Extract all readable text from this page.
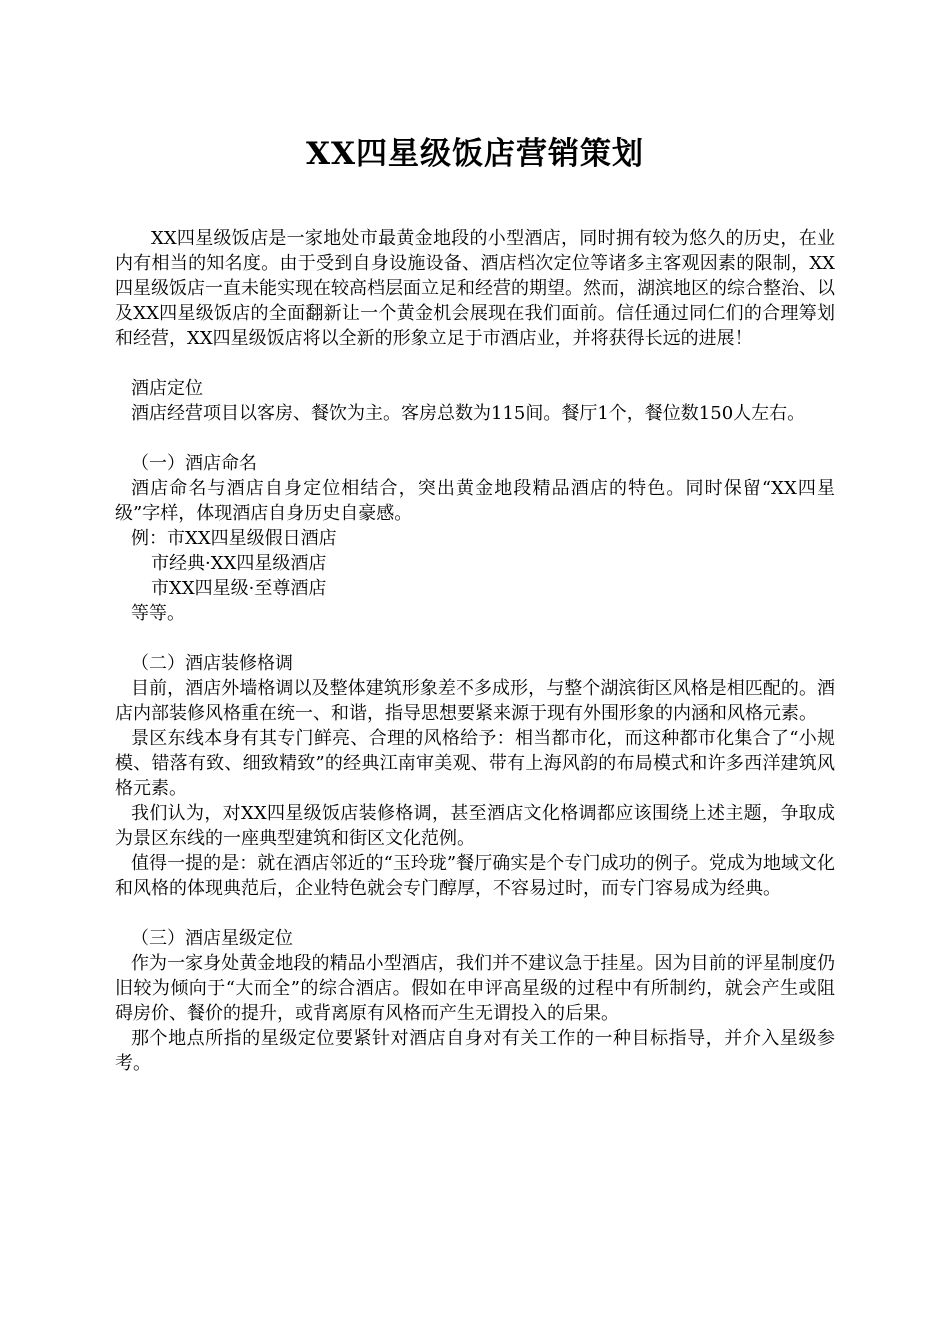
XX四星级饭店营销策划

XX四星级饭店是一家地处市最黄金地段的小型酒店，同时拥有较为悠久的历史，在业内有相当的知名度。由于受到自身设施设备、酒店档次定位等诸多主客观因素的限制，XX四星级饭店一直未能实现在较高档层面立足和经营的期望。然而，湖滨地区的综合整治、以及XX四星级饭店的全面翻新让一个黄金机会展现在我们面前。信任通过同仁们的合理筹划和经营，XX四星级饭店将以全新的形象立足于市酒店业，并将获得长远的进展！

酒店定位

酒店经营项目以客房、餐饮为主。客房总数为115间。餐厅1个，餐位数150人左右。

（一）酒店命名

酒店命名与酒店自身定位相结合，突出黄金地段精品酒店的特色。同时保留“XX四星级”字样，体现酒店自身历史自豪感。

例：市XX四星级假日酒店

市经典·XX四星级酒店

市XX四星级·至尊酒店

等等。

（二）酒店装修格调

目前，酒店外墙格调以及整体建筑形象差不多成形，与整个湖滨街区风格是相匹配的。酒店内部装修风格重在统一、和谐，指导思想要紧来源于现有外围形象的内涵和风格元素。

景区东线本身有其专门鲜亮、合理的风格给予：相当都市化，而这种都市化集合了“小规模、错落有致、细致精致”的经典江南审美观、带有上海风韵的布局模式和许多西洋建筑风格元素。

我们认为，对XX四星级饭店装修格调，甚至酒店文化格调都应该围绕上述主题，争取成为景区东线的一座典型建筑和街区文化范例。

值得一提的是：就在酒店邻近的“玉玲珑”餐厅确实是个专门成功的例子。党成为地域文化和风格的体现典范后，企业特色就会专门醇厚，不容易过时，而专门容易成为经典。

（三）酒店星级定位

作为一家身处黄金地段的精品小型酒店，我们并不建议急于挂星。因为目前的评星制度仍旧较为倾向于“大而全”的综合酒店。假如在申评高星级的过程中有所制约，就会产生或阻碍房价、餐价的提升，或背离原有风格而产生无谓投入的后果。

那个地点所指的星级定位要紧针对酒店自身对有关工作的一种目标指导，并介入星级参考。
